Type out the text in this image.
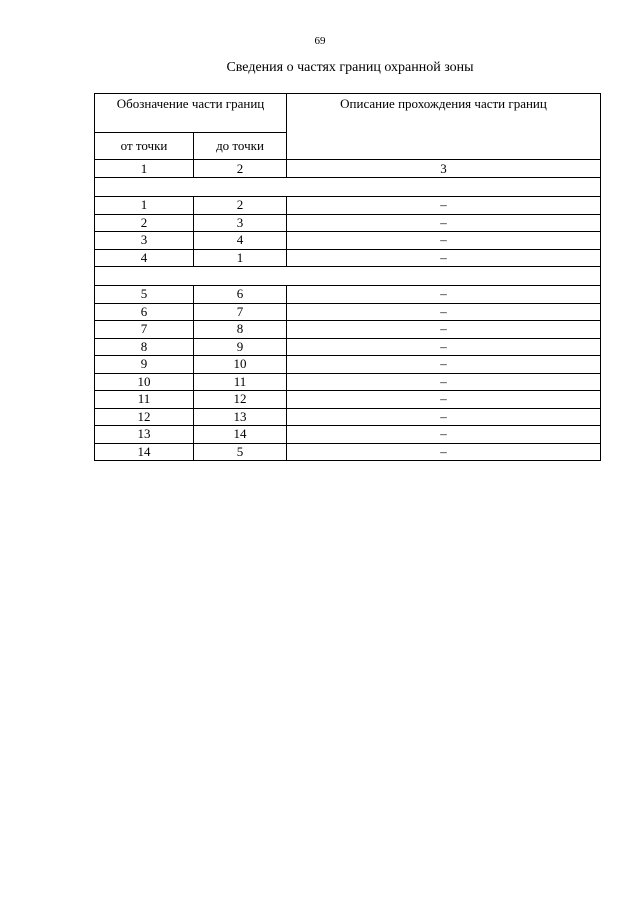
69
Сведения о частях границ охранной зоны
Обозначение части границ		Описание прохождения части границ
от точки	до точки	
1	2	3

1	2	–
2	3	–
3	4	–
4	1	–

5	6	–
6	7	–
7	8	–
8	9	–
9	10	–
10	11	–
11	12	–
12	13	–
13	14	–
14	5	–
